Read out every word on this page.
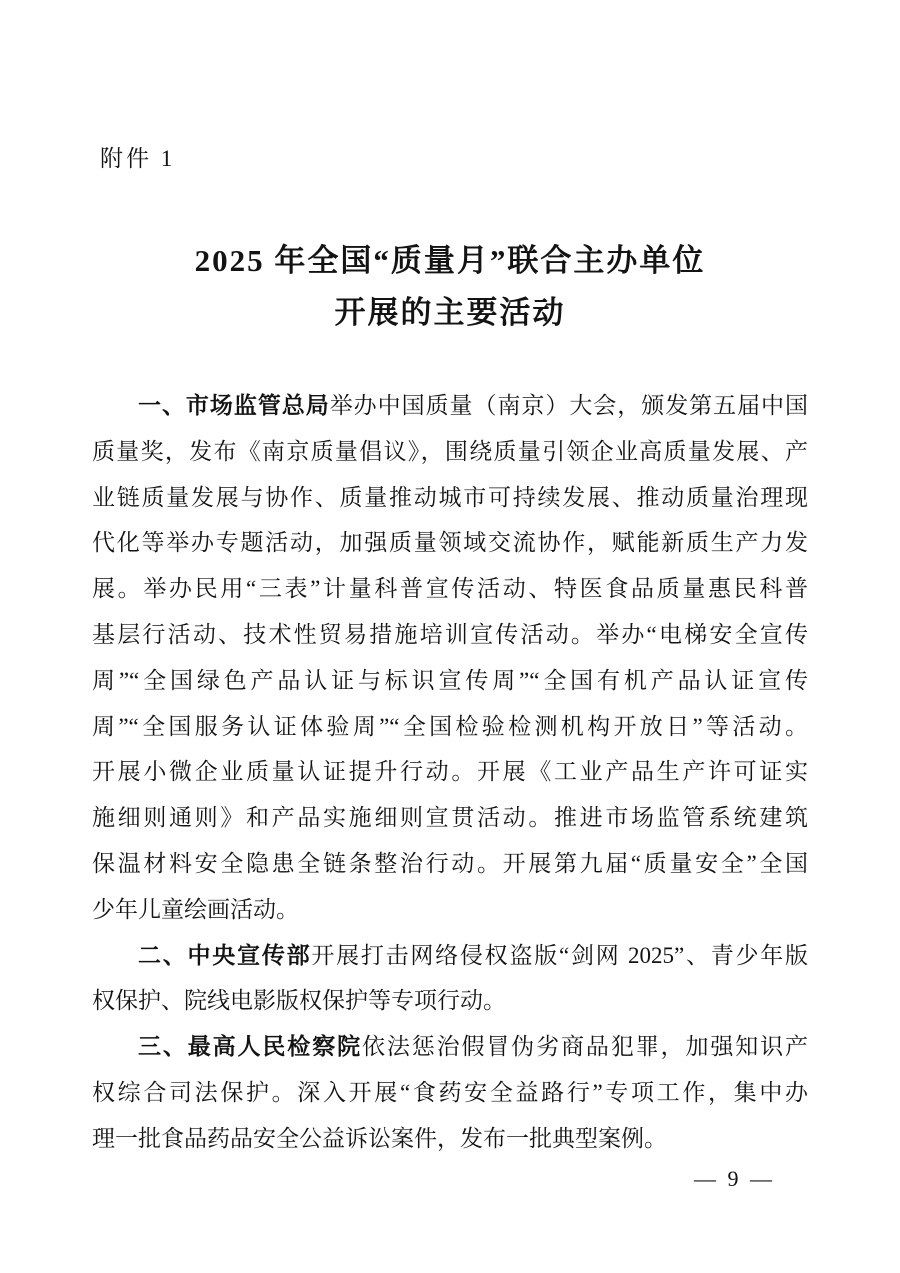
附件 1
2025 年全国“质量月”联合主办单位
开展的主要活动
一、市场监管总局举办中国质量（南京）大会，颁发第五届中国
质量奖，发布《南京质量倡议》，围绕质量引领企业高质量发展、产
业链质量发展与协作、质量推动城市可持续发展、推动质量治理现
代化等举办专题活动，加强质量领域交流协作，赋能新质生产力发
展。举办民用“三表”计量科普宣传活动、特医食品质量惠民科普
基层行活动、技术性贸易措施培训宣传活动。举办“电梯安全宣传
周”“全国绿色产品认证与标识宣传周”“全国有机产品认证宣传
周”“全国服务认证体验周”“全国检验检测机构开放日”等活动。
开展小微企业质量认证提升行动。开展《工业产品生产许可证实
施细则通则》和产品实施细则宣贯活动。推进市场监管系统建筑
保温材料安全隐患全链条整治行动。开展第九届“质量安全”全国
少年儿童绘画活动。
二、中央宣传部开展打击网络侵权盗版“剑网 2025”、青少年版
权保护、院线电影版权保护等专项行动。
三、最高人民检察院依法惩治假冒伪劣商品犯罪，加强知识产
权综合司法保护。深入开展“食药安全益路行”专项工作，集中办
理一批食品药品安全公益诉讼案件，发布一批典型案例。
— 9 —
